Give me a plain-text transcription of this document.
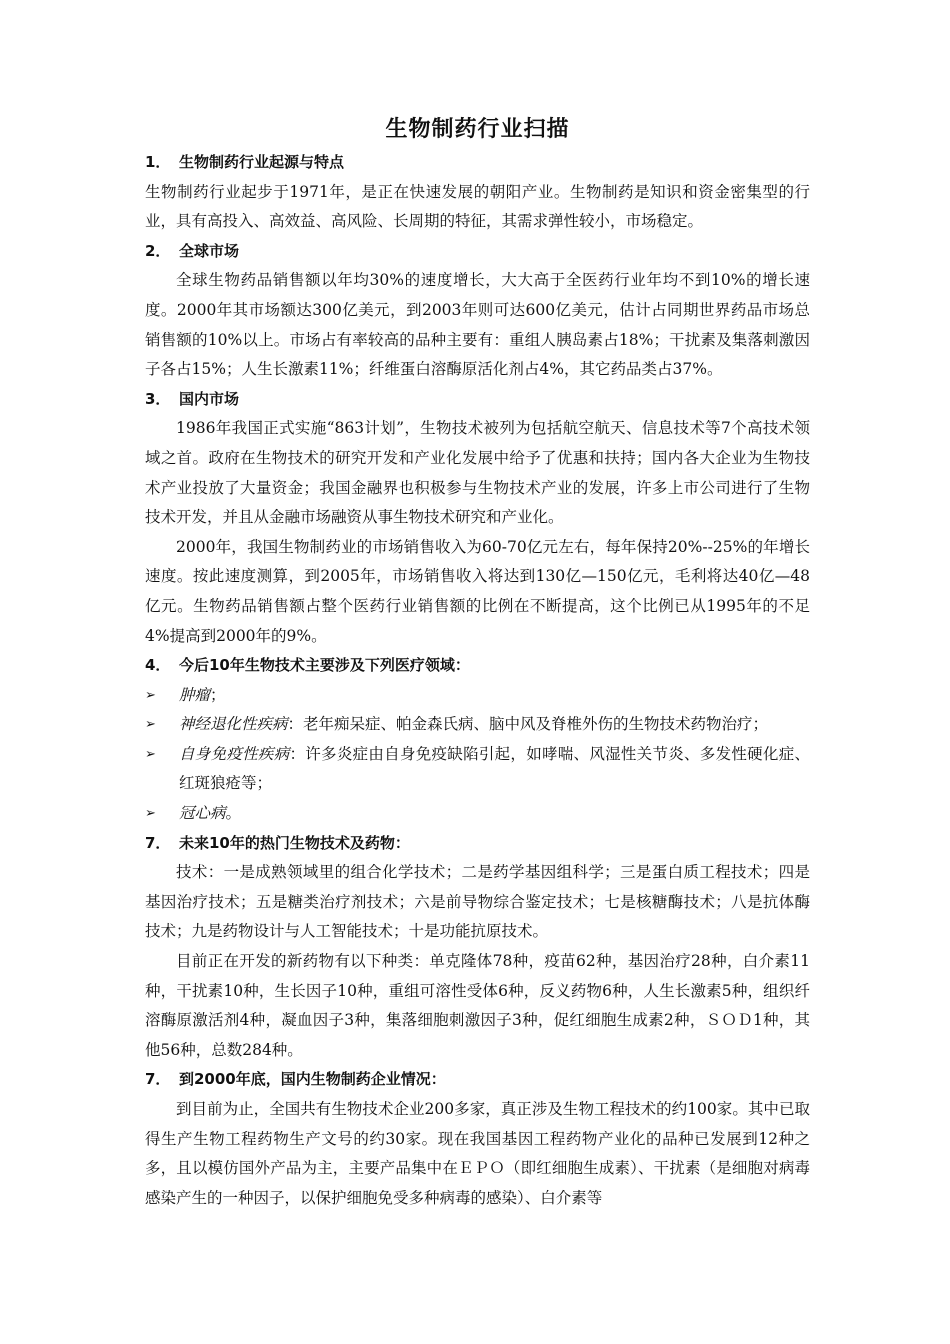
生物制药行业扫描
1． 生物制药行业起源与特点

生物制药行业起步于1971年，是正在快速发展的朝阳产业。生物制药是知识和资金密集型的行业，具有高投入、高效益、高风险、长周期的特征，其需求弹性较小，市场稳定。

2． 全球市场

全球生物药品销售额以年均30%的速度增长，大大高于全医药行业年均不到10%的增长速度。2000年其市场额达300亿美元，到2003年则可达600亿美元，估计占同期世界药品市场总销售额的10%以上。市场占有率较高的品种主要有：重组人胰岛素占18%；干扰素及集落刺激因子各占15%；人生长激素11%；纤维蛋白溶酶原活化剂占4%，其它药品类占37%。

3． 国内市场

1986年我国正式实施“863计划”，生物技术被列为包括航空航天、信息技术等7个高技术领域之首。政府在生物技术的研究开发和产业化发展中给予了优惠和扶持；国内各大企业为生物技术产业投放了大量资金；我国金融界也积极参与生物技术产业的发展，许多上市公司进行了生物技术开发，并且从金融市场融资从事生物技术研究和产业化。

2000年，我国生物制药业的市场销售收入为60-70亿元左右，每年保持20%--25%的年增长速度。按此速度测算，到2005年，市场销售收入将达到130亿—150亿元，毛利将达40亿—48亿元。生物药品销售额占整个医药行业销售额的比例在不断提高，这个比例已从1995年的不足4%提高到2000年的9%。

4． 今后10年生物技术主要涉及下列医疗领域：
➢ 肿瘤；
➢ 神经退化性疾病：老年痴呆症、帕金森氏病、脑中风及脊椎外伤的生物技术药物治疗；
➢ 自身免疫性疾病：许多炎症由自身免疫缺陷引起，如哮喘、风湿性关节炎、多发性硬化症、红斑狼疮等；
➢ 冠心病。
7． 未来10年的热门生物技术及药物：

技术：一是成熟领域里的组合化学技术；二是药学基因组科学；三是蛋白质工程技术；四是基因治疗技术；五是糖类治疗剂技术；六是前导物综合鉴定技术；七是核糖酶技术；八是抗体酶技术；九是药物设计与人工智能技术；十是功能抗原技术。

目前正在开发的新药物有以下种类：单克隆体78种，疫苗62种，基因治疗28种，白介素11种，干扰素10种，生长因子10种，重组可溶性受体6种，反义药物6种，人生长激素5种，组织纤溶酶原激活剂4种，凝血因子3种，集落细胞刺激因子3种，促红细胞生成素2种，ＳＯＤ1种，其他56种，总数284种。

7． 到2000年底，国内生物制药企业情况：

到目前为止，全国共有生物技术企业200多家，真正涉及生物工程技术的约100家。其中已取得生产生物工程药物生产文号的约30家。现在我国基因工程药物产业化的品种已发展到12种之多，且以模仿国外产品为主，主要产品集中在ＥＰＯ（即红细胞生成素）、干扰素（是细胞对病毒感染产生的一种因子，以保护细胞免受多种病毒的感染）、白介素等
